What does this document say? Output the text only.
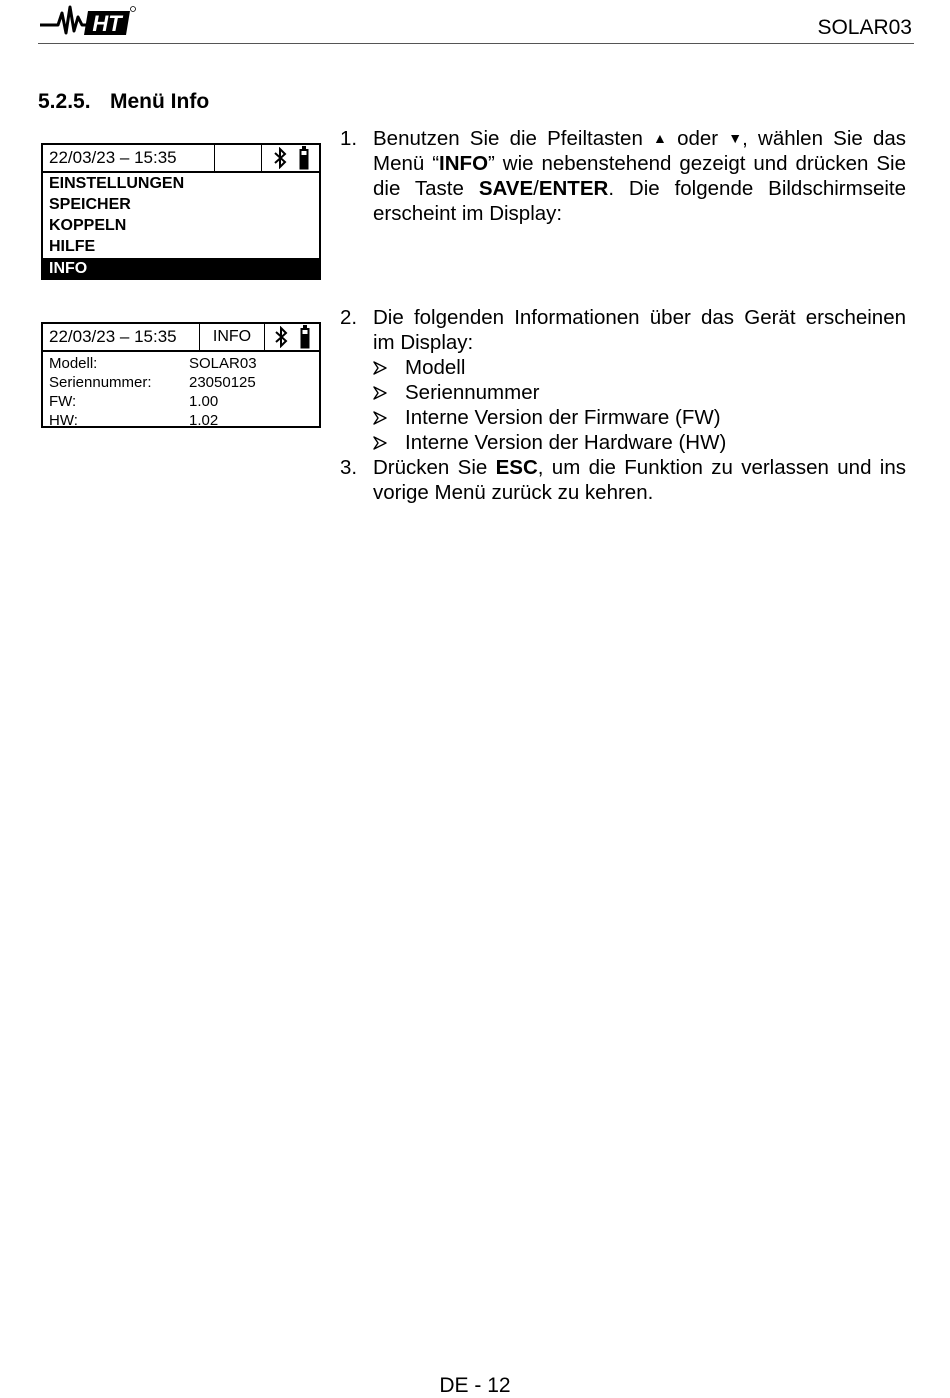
HT	SOLAR03
5.2.5. Menü Info
22/03/23 – 15:35
EINSTELLUNGEN
SPEICHER
KOPPELN
HILFE
INFO
22/03/23 – 15:35	INFO
Modell:	SOLAR03
Seriennummer:	23050125
FW:	1.00
HW:	1.02
1. Benutzen Sie die Pfeiltasten ▲ oder ▼, wählen Sie das Menü “INFO” wie nebenstehend gezeigt und drücken Sie die Taste SAVE/ENTER. Die folgende Bildschirmseite erscheint im Display:
2. Die folgenden Informationen über das Gerät erscheinen im Display:
Modell
Seriennummer
Interne Version der Firmware (FW)
Interne Version der Hardware (HW)
3. Drücken Sie ESC, um die Funktion zu verlassen und ins vorige Menü zurück zu kehren.
DE - 12
